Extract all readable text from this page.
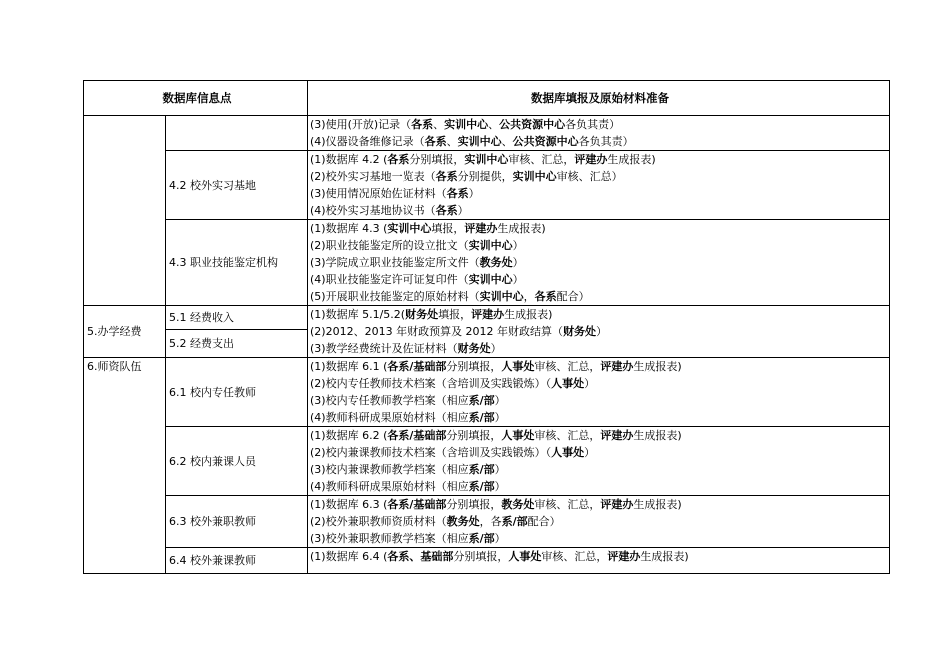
数据库信息点		数据库填报及原始材料准备

		(3)使用(开放)记录（各系、实训中心、公共资源中心各负其责）
(4)仪器设备维修记录（各系、实训中心、公共资源中心各负其责）

	4.2 校外实习基地	(1)数据库 4.2 (各系分别填报，实训中心审核、汇总，评建办生成报表)
(2)校外实习基地一览表（各系分别提供，实训中心审核、汇总）
(3)使用情况原始佐证材料（各系）
(4)校外实习基地协议书（各系）

	4.3 职业技能鉴定机构	(1)数据库 4.3 (实训中心填报，评建办生成报表)
(2)职业技能鉴定所的设立批文（实训中心）
(3)学院成立职业技能鉴定所文件（教务处）
(4)职业技能鉴定许可证复印件（实训中心）
(5)开展职业技能鉴定的原始材料（实训中心，各系配合）

5.办学经费	5.1 经费收入	(1)数据库 5.1/5.2(财务处填报，评建办生成报表)
(2)2012、2013 年财政预算及 2012 年财政结算（财务处）
(3)教学经费统计及佐证材料（财务处）

	5.2 经费支出	
6.师资队伍	6.1 校内专任教师	(1)数据库 6.1 (各系/基础部分别填报，人事处审核、汇总，评建办生成报表)
(2)校内专任教师技术档案（含培训及实践锻炼）（人事处）
(3)校内专任教师教学档案（相应系/部）
(4)教师科研成果原始材料（相应系/部）

	6.2 校内兼课人员	(1)数据库 6.2 (各系/基础部分别填报，人事处审核、汇总，评建办生成报表)
(2)校内兼课教师技术档案（含培训及实践锻炼）（人事处）
(3)校内兼课教师教学档案（相应系/部）
(4)教师科研成果原始材料（相应系/部）

	6.3 校外兼职教师	(1)数据库 6.3 (各系/基础部分别填报，教务处审核、汇总，评建办生成报表)
(2)校外兼职教师资质材料（教务处，各系/部配合）
(3)校外兼职教师教学档案（相应系/部）

	6.4 校外兼课教师	(1)数据库 6.4 (各系、基础部分别填报，人事处审核、汇总，评建办生成报表)
